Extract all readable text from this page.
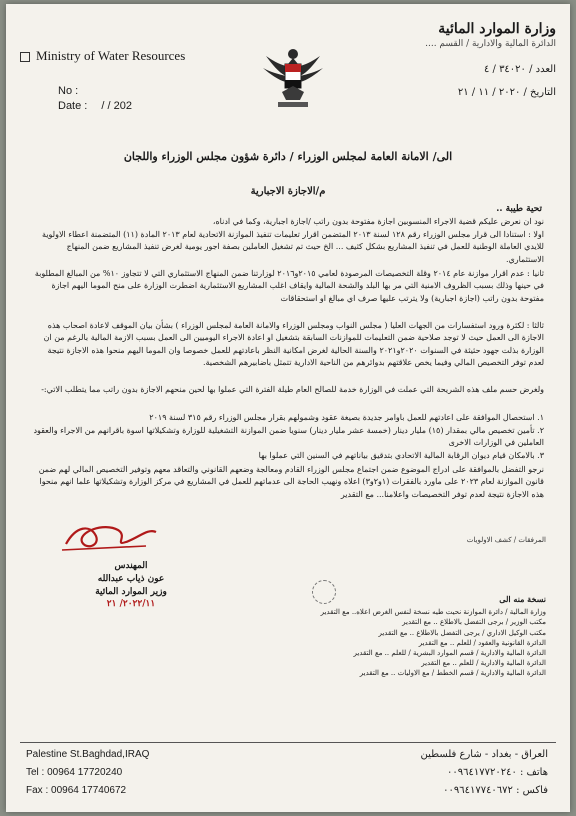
Ministry of Water Resources
No :
Date : / / 202
وزارة الموارد المائية
الدائرة المالية والادارية / القسم ....
العدد / ٣٤٠٢٠ / ٤
التاريخ / ٢٠٢٠ / ١١ / ٢١
الى/ الامانة العامة لمجلس الوزراء / دائرة شؤون مجلس الوزراء واللجان
م/الاجازة الاجبارية
تحية طيبة ..
نود ان نعرض عليكم قضية الاجراء المنسوبين اجازة مفتوحة بدون راتب /اجازة اجبارية، وكما في ادناه،
اولا : استنادا الى قرار مجلس الوزراء رقم ١٢٨ لسنة ٢٠١٣ المتضمن اقرار تعليمات تنفيذ الموازنة الاتحادية لعام ٢٠١٣ المادة (١١) المتضمنة اعطاء الاولوية للايدي العاملة الوطنية للعمل في تنفيذ المشاريع بشكل كثيف ... الخ حيث تم تشغيل العاملين بصفة اجور يومية لغرض تنفيذ المشاريع ضمن المنهاج الاستثماري.
ثانيا : عدم اقرار موازنة عام ٢٠١٤ وقلة التخصيصات المرصودة لعامي ٢٠١٥و٢٠١٦ لوزارتنا ضمن المنهاج الاستثماري التي لا تتجاوز ١٠% من المبالغ المطلوبة في حينها وذلك بسبب الظروف الامنية التي مر بها البلد والشحة المالية وايقاف اغلب المشاريع الاستثمارية اضطرت الوزارة على منح الموما اليهم اجازة مفتوحة بدون راتب (اجازة اجبارية) ولا يترتب عليها صرف اي مبالغ او استحقاقات
ثالثا : لكثرة ورود استفسارات من الجهات العليا ( مجلس النواب ومجلس الوزراء والامانة العامة لمجلس الوزراء ) بشأن بيان الموقف لاعادة اصحاب هذه الاجازة الى العمل حيث لا توجد صلاحية ضمن التعليمات للموازنات السابقة بتشغيل او اعادة الاجراء اليوميين الى العمل بسبب الازمة المالية بالرغم من ان الوزارة بذلت جهود حثيثة في السنوات ٢٠٢٠و٢٠٢١ والسنة الحالية لغرض امكانية النظر باعادتهم للعمل خصوصا وان الموما اليهم منحوا هذه الاجازة نتيجة لعدم توفر التخصيص المالي وفيما يخص علاقتهم بدوائرهم من الناحية الادارية تتمثل باضابيرهم الشخصية.
ولغرض حسم ملف هذه الشريحة التي عملت في الوزارة خدمة للصالح العام طيلة الفترة التي عملوا بها لحين منحهم الاجازة بدون راتب مما يتطلب الاتي:-
١. استحصال الموافقة على اعادتهم للعمل باوامر جديدة بصيغة عقود وشمولهم بقرار مجلس الوزراء رقم ٣١٥ لسنة ٢٠١٩
٢. تأمين تخصيص مالي بمقدار (١٥) مليار دينار (خمسة عشر مليار دينار) سنويا ضمن الموازنة التشغيلية للوزارة وتشكيلاتها اسوة باقرانهم من الاجراء والعقود العاملين في الوزارات الاخرى
٣. بالامكان قيام ديوان الرقابة المالية الاتحادي بتدقيق بياناتهم في السنين التي عملوا بها
نرجو التفضل بالموافقة على ادراج الموضوع ضمن اجتماع مجلس الوزراء القادم ومعالجة وضعهم القانوني والتعاقد معهم وتوفير التخصيص المالي لهم ضمن قانون الموازنة لعام ٢٠٢٣ على ماورد بالفقرات (١و٢و٣) اعلاه ونهيب الحاجة الى عدماتهم للعمل في المشاريع في مركز الوزارة وتشكيلاتها علما انهم منحوا هذه الاجازة نتيجة لعدم توفر التخصيصات واعلامنا... مع التقدير
المرفقات / كشف الاولويات
المهندس
عون ذياب عبدالله
وزير الموارد المائية
٢٠٢٢/١١/ ٢١	نسخة منه الى
وزارة المالية / دائرة الموازنة نحيت طيه نسخة لنفس الغرض اعلاه.. مع التقدير
مكتب الوزير / برجى التفضل بالاطلاع .. مع التقدير
مكتب الوكيل الاداري / يرجى التفضل بالاطلاع .. مع التقدير
الدائرة القانونية والعقود / للعلم .. مع التقدير
الدائرة المالية والادارية / قسم الموارد البشرية / للعلم .. مع التقدير
الدائرة المالية والادارية / للعلم .. مع التقدير
الدائرة المالية والادارية / قسم الخطط / مع الاوليات .. مع التقدير
Palestine St.Baghdad,IRAQ
Tel : 00964 17720240
Fax : 00964 17740672
العراق - بغداد - شارع فلسطين
هاتف : ٠٠٩٦٤١٧٧٢٠٢٤٠
فاكس : ٠٠٩٦٤١٧٧٤٠٦٧٢
